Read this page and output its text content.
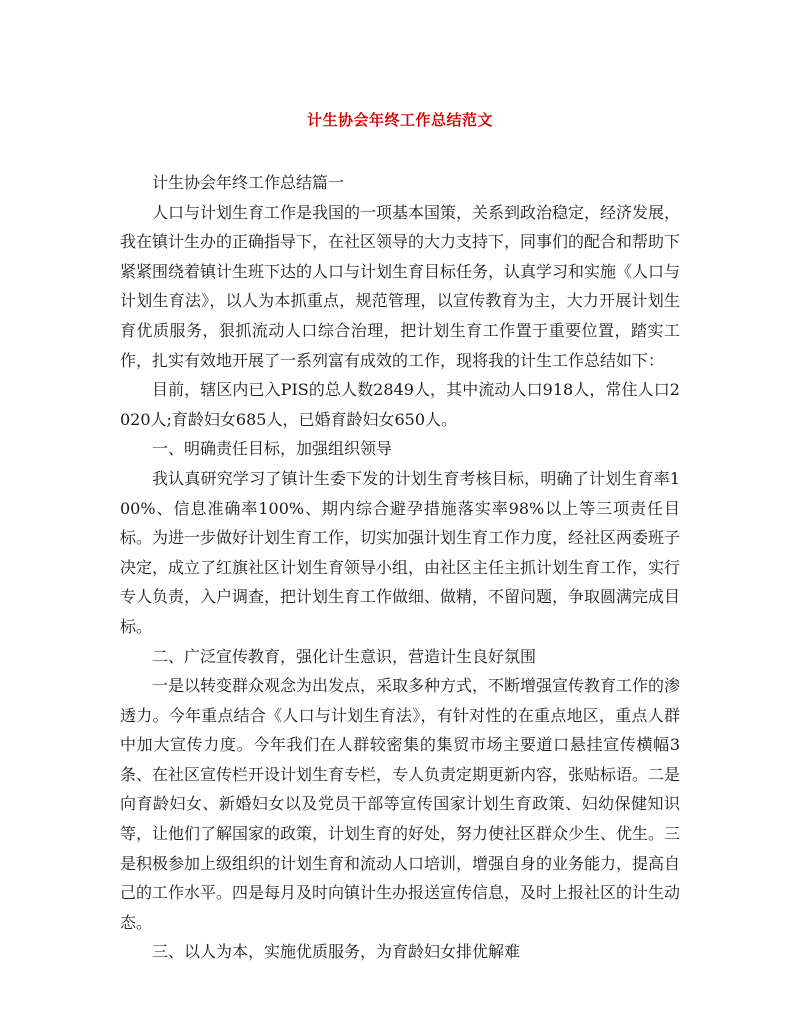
计生协会年终工作总结范文

计生协会年终工作总结篇一

人口与计划生育工作是我国的一项基本国策，关系到政治稳定，经济发展，我在镇计生办的正确指导下，在社区领导的大力支持下，同事们的配合和帮助下紧紧围绕着镇计生班下达的人口与计划生育目标任务，认真学习和实施《人口与计划生育法》，以人为本抓重点，规范管理，以宣传教育为主，大力开展计划生育优质服务，狠抓流动人口综合治理，把计划生育工作置于重要位置，踏实工作，扎实有效地开展了一系列富有成效的工作，现将我的计生工作总结如下：

目前，辖区内已入PIS的总人数2849人，其中流动人口918人，常住人口2020人;育龄妇女685人，已婚育龄妇女650人。

一、明确责任目标，加强组织领导

我认真研究学习了镇计生委下发的计划生育考核目标，明确了计划生育率100%、信息准确率100%、期内综合避孕措施落实率98%以上等三项责任目标。为进一步做好计划生育工作，切实加强计划生育工作力度，经社区两委班子决定，成立了红旗社区计划生育领导小组，由社区主任主抓计划生育工作，实行专人负责，入户调查，把计划生育工作做细、做精，不留问题，争取圆满完成目标。

二、广泛宣传教育，强化计生意识，营造计生良好氛围

一是以转变群众观念为出发点，采取多种方式，不断增强宣传教育工作的渗透力。今年重点结合《人口与计划生育法》，有针对性的在重点地区，重点人群中加大宣传力度。今年我们在人群较密集的集贸市场主要道口悬挂宣传横幅3条、在社区宣传栏开设计划生育专栏，专人负责定期更新内容，张贴标语。二是向育龄妇女、新婚妇女以及党员干部等宣传国家计划生育政策、妇幼保健知识等，让他们了解国家的政策，计划生育的好处，努力使社区群众少生、优生。三是积极参加上级组织的计划生育和流动人口培训，增强自身的业务能力，提高自己的工作水平。四是每月及时向镇计生办报送宣传信息，及时上报社区的计生动态。

三、以人为本，实施优质服务，为育龄妇女排优解难
